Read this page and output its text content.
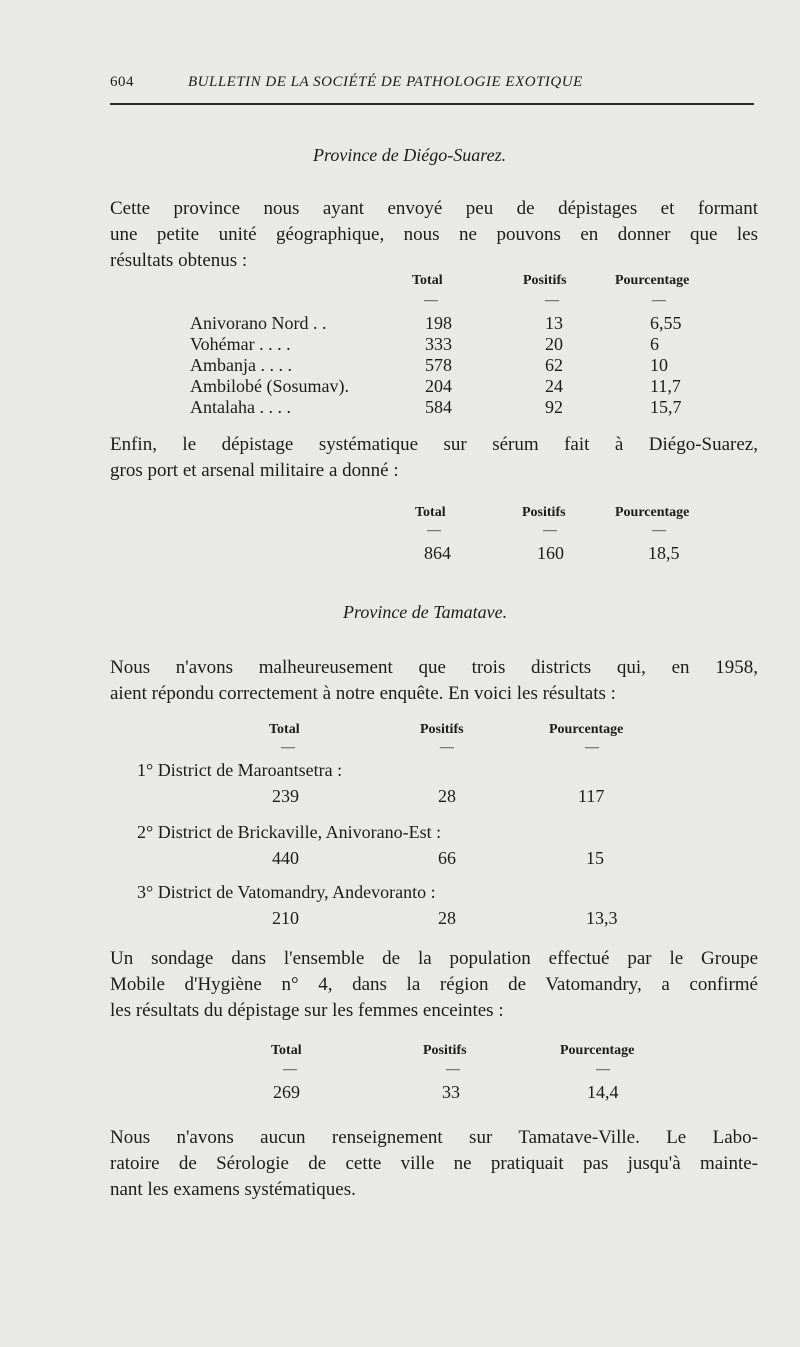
604	BULLETIN DE LA SOCIÉTÉ DE PATHOLOGIE EXOTIQUE
Province de Diégo-Suarez.
Cette province nous ayant envoyé peu de dépistages et formant
une petite unité géographique, nous ne pouvons en donner que les
résultats obtenus :
Total	Positifs	Pourcentage
—	—	—
Anivorano Nord . .	198	13	6,55
Vohémar . . . .	333	20	6
Ambanja . . . .	578	62	10
Ambilobé (Sosumav).	204	24	11,7
Antalaha . . . .	584	92	15,7
Enfin, le dépistage systématique sur sérum fait à Diégo-Suarez,
gros port et arsenal militaire a donné :
Total	Positifs	Pourcentage
—	—	—
864	160	18,5
Province de Tamatave.
Nous n'avons malheureusement que trois districts qui, en 1958,
aient répondu correctement à notre enquête. En voici les résultats :
Total	Positifs	Pourcentage
—	—	—
1° District de Maroantsetra :
239	28	117
2° District de Brickaville, Anivorano-Est :
440	66	15
3° District de Vatomandry, Andevoranto :
210	28	13,3
Un sondage dans l'ensemble de la population effectué par le Groupe
Mobile d'Hygiène n° 4, dans la région de Vatomandry, a confirmé
les résultats du dépistage sur les femmes enceintes :
Total	Positifs	Pourcentage
—	—	—
269	33	14,4
Nous n'avons aucun renseignement sur Tamatave-Ville. Le Labo-
ratoire de Sérologie de cette ville ne pratiquait pas jusqu'à mainte-
nant les examens systématiques.
